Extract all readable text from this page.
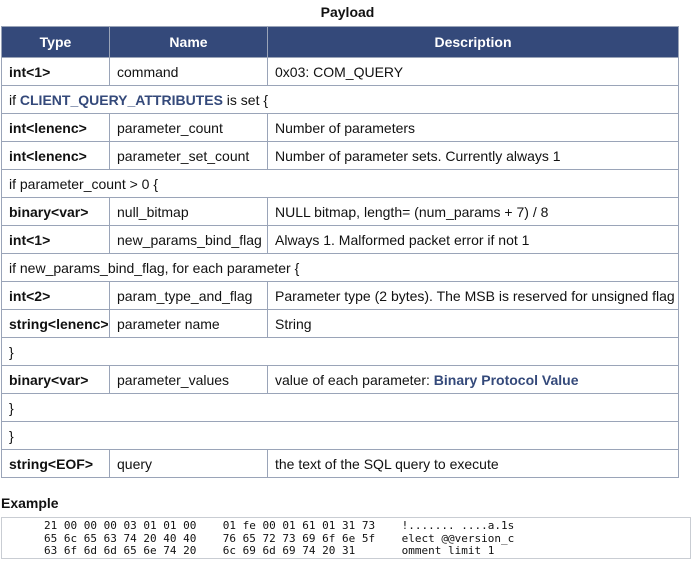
Payload
Type	Name	Description
int<1>	command	0x03: COM_QUERY
if CLIENT_QUERY_ATTRIBUTES is set {		
int<lenenc>	parameter_count	Number of parameters
int<lenenc>	parameter_set_count	Number of parameter sets. Currently always 1
if parameter_count > 0 {		
binary<var>	null_bitmap	NULL bitmap, length= (num_params + 7) / 8
int<1>	new_params_bind_flag	Always 1. Malformed packet error if not 1
if new_params_bind_flag, for each parameter {		
int<2>	param_type_and_flag	Parameter type (2 bytes). The MSB is reserved for unsigned flag
string<lenenc>	parameter name	String
}		
binary<var>	parameter_values	value of each parameter: Binary Protocol Value
}		
}		
string<EOF>	query	the text of the SQL query to execute
Example
21 00 00 00 03 01 01 00    01 fe 00 01 61 01 31 73    !....... ....a.1s
65 6c 65 63 74 20 40 40    76 65 72 73 69 6f 6e 5f    elect @@version_c
63 6f 6d 6d 65 6e 74 20    6c 69 6d 69 74 20 31       omment limit 1
